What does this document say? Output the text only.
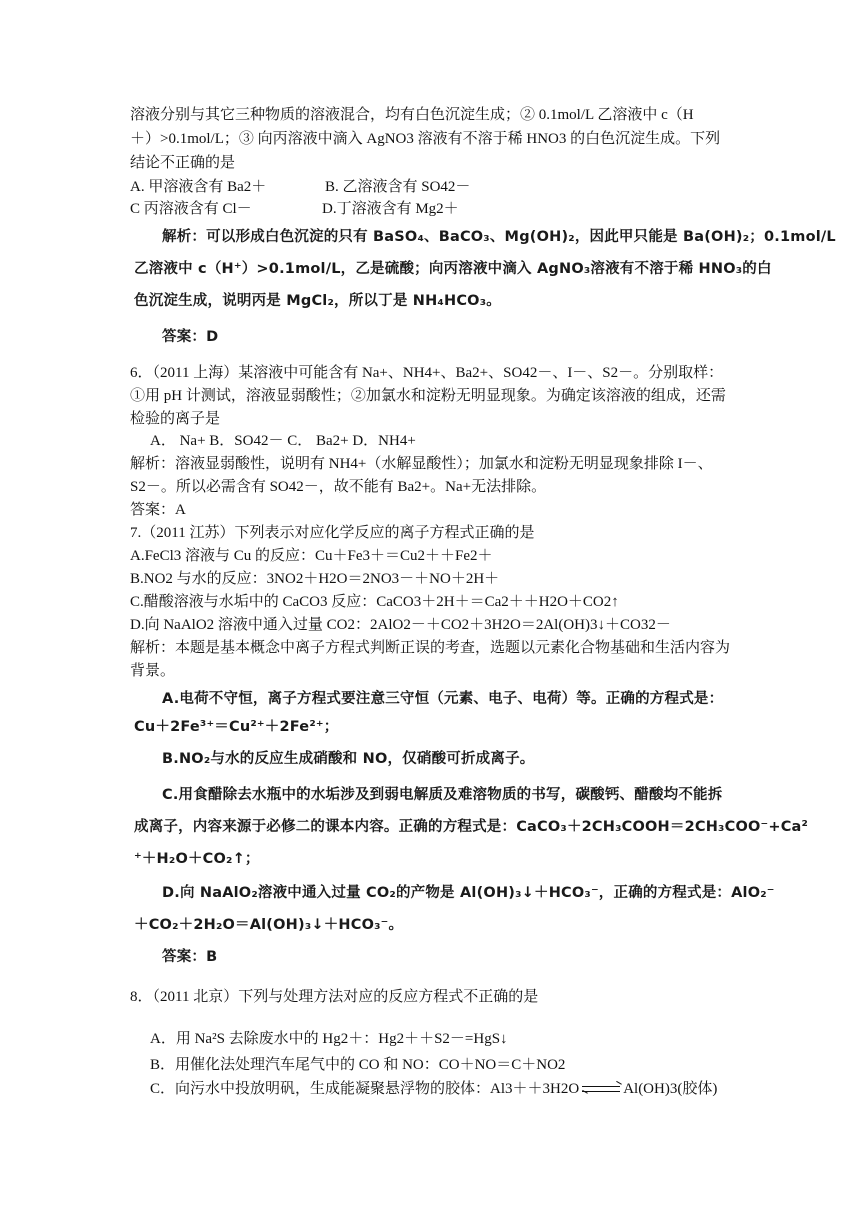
溶液分别与其它三种物质的溶液混合，均有白色沉淀生成；② 0.1mol/L 乙溶液中 c（H
＋）>0.1mol/L；③ 向丙溶液中滴入 AgNO3 溶液有不溶于稀 HNO3 的白色沉淀生成。下列
结论不正确的是
A. 甲溶液含有 Ba2＋	B. 乙溶液含有 SO42－
C 丙溶液含有 Cl－	D.丁溶液含有 Mg2＋
解析：可以形成白色沉淀的只有 BaSO₄、BaCO₃、Mg(OH)₂，因此甲只能是 Ba(OH)₂；0.1mol/L
乙溶液中 c（H⁺）>0.1mol/L，乙是硫酸；向丙溶液中滴入 AgNO₃溶液有不溶于稀 HNO₃的白
色沉淀生成，说明丙是 MgCl₂，所以丁是 NH₄HCO₃。
答案：D
6．（2011 上海）某溶液中可能含有 Na+、NH4+、Ba2+、SO42－、I－、S2－。分别取样：
①用 pH 计测试，溶液显弱酸性；②加氯水和淀粉无明显现象。为确定该溶液的组成，还需
检验的离子是
A． Na+ B．SO42－ C． Ba2+ D．NH4+
解析：溶液显弱酸性，说明有 NH4+（水解显酸性）；加氯水和淀粉无明显现象排除 I－、
S2－。所以必需含有 SO42－，故不能有 Ba2+。Na+无法排除。
答案：A
7.（2011 江苏）下列表示对应化学反应的离子方程式正确的是
A.FeCl3 溶液与 Cu 的反应：Cu＋Fe3＋＝Cu2＋＋Fe2＋
B.NO2 与水的反应：3NO2＋H2O＝2NO3－＋NO＋2H＋
C.醋酸溶液与水垢中的 CaCO3 反应：CaCO3＋2H＋＝Ca2＋＋H2O＋CO2↑
D.向 NaAlO2 溶液中通入过量 CO2：2AlO2－＋CO2＋3H2O＝2Al(OH)3↓＋CO32－
解析：本题是基本概念中离子方程式判断正误的考查，选题以元素化合物基础和生活内容为
背景。
A.电荷不守恒，离子方程式要注意三守恒（元素、电子、电荷）等。正确的方程式是：
Cu＋2Fe³⁺＝Cu²⁺＋2Fe²⁺；
B.NO₂与水的反应生成硝酸和 NO，仅硝酸可折成离子。
C.用食醋除去水瓶中的水垢涉及到弱电解质及难溶物质的书写，碳酸钙、醋酸均不能拆
成离子，内容来源于必修二的课本内容。正确的方程式是：CaCO₃＋2CH₃COOH＝2CH₃COO⁻+Ca²
⁺＋H₂O＋CO₂↑；
D.向 NaAlO₂溶液中通入过量 CO₂的产物是 Al(OH)₃↓＋HCO₃⁻，正确的方程式是：AlO₂⁻
＋CO₂＋2H₂O＝Al(OH)₃↓＋HCO₃⁻。
答案：B
8．（2011 北京）下列与处理方法对应的反应方程式不正确的是
A．用 Na²S 去除废水中的 Hg2＋：Hg2＋＋S2－=HgS↓
B．用催化法处理汽车尾气中的 CO 和 NO：CO＋NO＝C＋NO2
C．向污水中投放明矾，生成能凝聚悬浮物的胶体：Al3＋＋3H2O	Al(OH)3(胶体)
